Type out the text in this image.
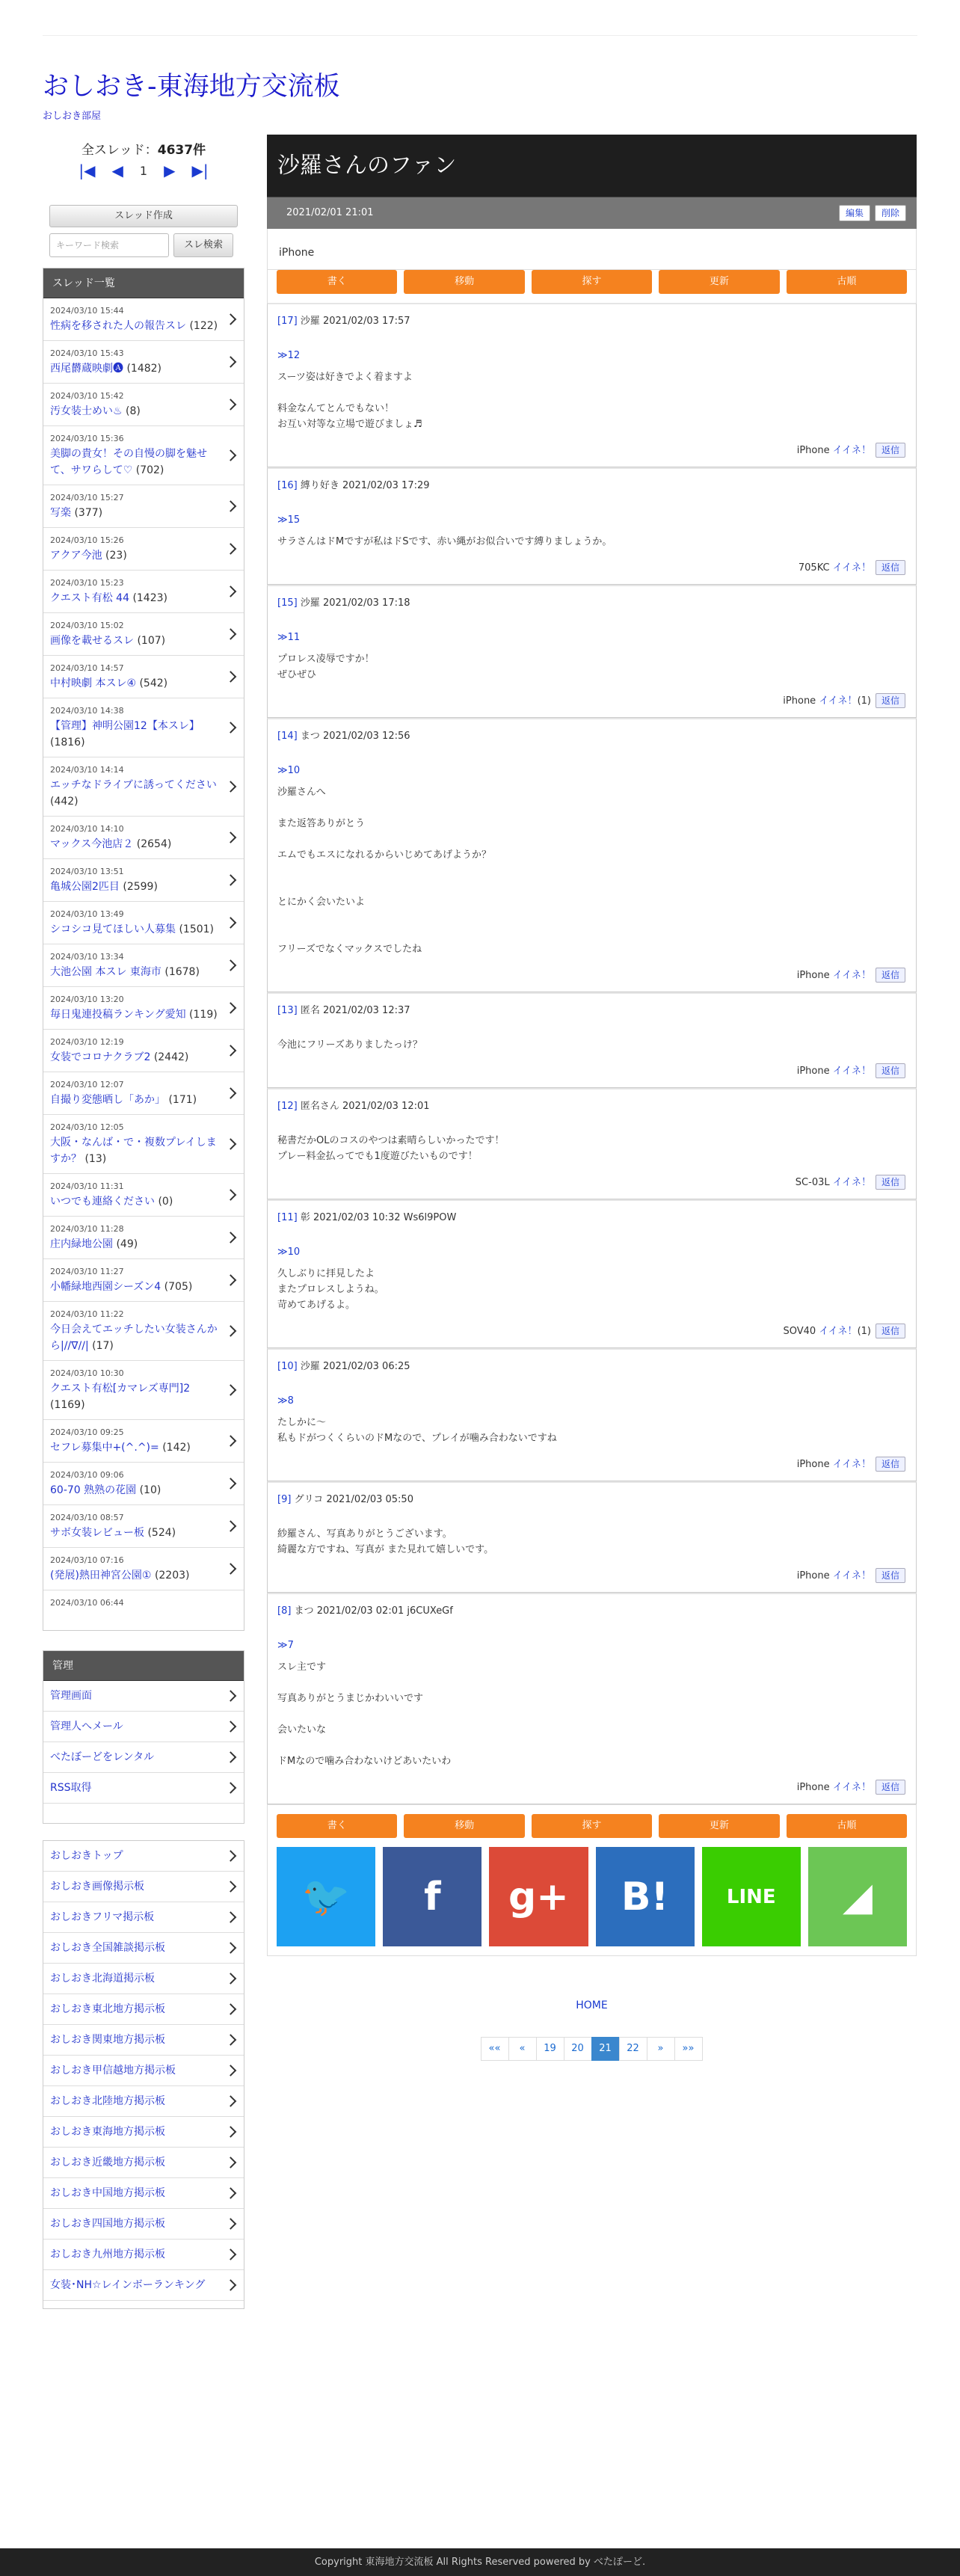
おしおき-東海地方交流板
おしおき部屋
全スレッド：4637件
|◀ ◀ 1 ▶ ▶|
スレッド作成
キーワード検索	スレ検索
スレッド一覧
2024/03/10 15:44
性病を移された人の報告スレ (122)
2024/03/10 15:43
西尾欝蔵映劇🅐 (1482)
2024/03/10 15:42
汚女装士めい♨ (8)
2024/03/10 15:36
美脚の貴女！その自慢の脚を魅せて、サワらして♡ (702)
2024/03/10 15:27
写楽 (377)
2024/03/10 15:26
アクア今池 (23)
2024/03/10 15:23
クエスト有松 44 (1423)
2024/03/10 15:02
画像を載せるスレ (107)
2024/03/10 14:57
中村映劇 本スレ④ (542)
2024/03/10 14:38
【管理】神明公園12【本スレ】 (1816)
2024/03/10 14:14
エッチなドライブに誘ってください (442)
2024/03/10 14:10
マックス今池店２ (2654)
2024/03/10 13:51
亀城公園2匹目 (2599)
2024/03/10 13:49
シコシコ見てほしい人募集 (1501)
2024/03/10 13:34
大池公園 本スレ 東海市 (1678)
2024/03/10 13:20
毎日鬼連投稿ランキング愛知 (119)
2024/03/10 12:19
女装でコロナクラブ2 (2442)
2024/03/10 12:07
自撮り変態晒し「あか」 (171)
2024/03/10 12:05
大阪・なんば・で・複数プレイしますか？ (13)
2024/03/10 11:31
いつでも連絡ください (0)
2024/03/10 11:28
庄内緑地公園 (49)
2024/03/10 11:27
小幡緑地西園シーズン4 (705)
2024/03/10 11:22
今日会えてエッチしたい女装さんから|//∇//| (17)
2024/03/10 10:30
クエスト有松[カマレズ専門]2 (1169)
2024/03/10 09:25
セフレ募集中+(^.^)= (142)
2024/03/10 09:06
60-70 熟熟の花園 (10)
2024/03/10 08:57
サボ女装レビュー板 (524)
2024/03/10 07:16
(発展)熱田神宮公園① (2203)
2024/03/10 06:44
管理
管理画面
管理人へメール
べたぼーどをレンタル
RSS取得
おしおきトップ
おしおき画像掲示板
おしおきフリマ掲示板
おしおき全国雑談掲示板
おしおき北海道掲示板
おしおき東北地方掲示板
おしおき関東地方掲示板
おしおき甲信越地方掲示板
おしおき北陸地方掲示板
おしおき東海地方掲示板
おしおき近畿地方掲示板
おしおき中国地方掲示板
おしおき四国地方掲示板
おしおき九州地方掲示板
女装･NH☆レインボーランキング
沙羅さんのファン
2021/02/01 21:01	編集	削除
iPhone
書く	移動	探す	更新	古順
[17] 沙羅 2021/02/03 17:57
≫12
スーツ姿は好きでよく着ますよ

料金なんてとんでもない！
お互い対等な立場で遊びましょ♬
iPhone イイネ！ 返信
[16] 縛り好き 2021/02/03 17:29
≫15
サラさんはドMですが私はドSです、赤い縄がお似合いです縛りましょうか。
705KC イイネ！ 返信
[15] 沙羅 2021/02/03 17:18
≫11
プロレス凌辱ですか！
ぜひぜひ
iPhone イイネ！(1) 返信
[14] まつ 2021/02/03 12:56
≫10
沙羅さんへ

また返答ありがとう

エムでもエスになれるからいじめてあげようか？

とにかく会いたいよ

フリーズでなくマックスでしたね
iPhone イイネ！ 返信
[13] 匿名 2021/02/03 12:37
今池にフリーズありましたっけ？
iPhone イイネ！ 返信
[12] 匿名さん 2021/02/03 12:01
秘書だかOLのコスのやつは素晴らしいかったです！
プレー料金払ってでも1度遊びたいものです！
SC-03L イイネ！ 返信
[11] 彰 2021/02/03 10:32 Ws6l9POW
≫10
久しぶりに拝見したよ
またプロレスしようね。
苛めてあげるよ。
SOV40 イイネ！(1) 返信
[10] 沙羅 2021/02/03 06:25
≫8
たしかに～
私もドがつくくらいのドMなので、プレイが噛み合わないですね
iPhone イイネ！ 返信
[9] グリコ 2021/02/03 05:50
紗羅さん、写真ありがとうございます。
綺麗な方ですね、写真が また見れて嬉しいです。
iPhone イイネ！ 返信
[8] まつ 2021/02/03 02:01 j6CUXeGf
≫7
スレ主です

写真ありがとうまじかわいいです

会いたいな

ドMなので噛み合わないけどあいたいわ
iPhone イイネ！ 返信
書く	移動	探す	更新	古順
🐦 f g+ B!	LINE ◢
HOME
««	«	19	20	21	22	»	»»
Copyright 東海地方交流板 All Rights Reserved powered by べたぽーど.
